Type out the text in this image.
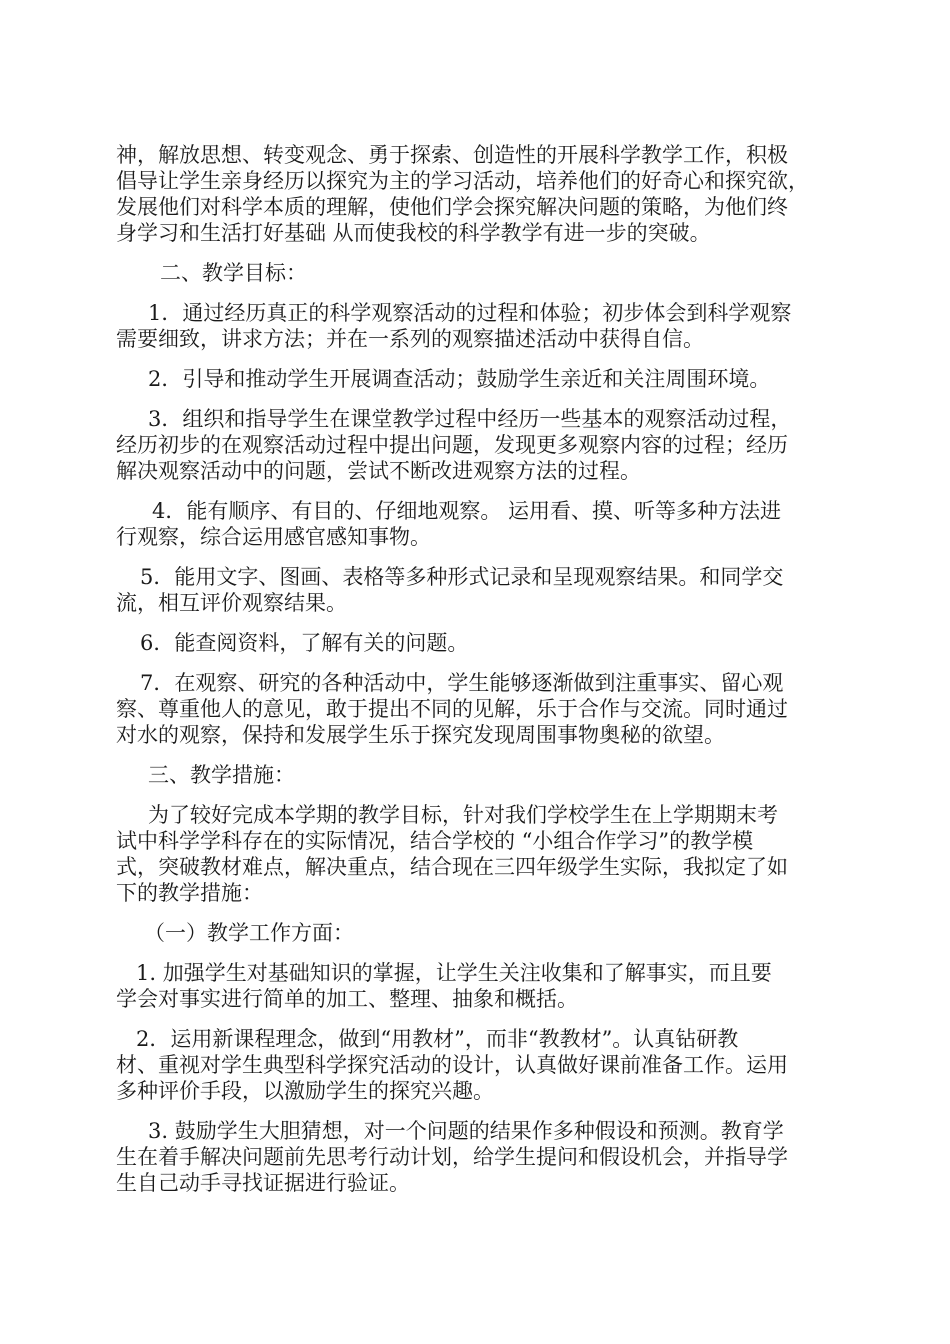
神，解放思想、转变观念、勇于探索、创造性的开展科学教学工作，积极
倡导让学生亲身经历以探究为主的学习活动，培养他们的好奇心和探究欲，
发展他们对科学本质的理解，使他们学会探究解决问题的策略，为他们终
身学习和生活打好基础 从而使我校的科学教学有进一步的突破。
二、教学目标：
1．通过经历真正的科学观察活动的过程和体验；初步体会到科学观察
需要细致，讲求方法；并在一系列的观察描述活动中获得自信。
2．引导和推动学生开展调查活动；鼓励学生亲近和关注周围环境。
3．组织和指导学生在课堂教学过程中经历一些基本的观察活动过程，
经历初步的在观察活动过程中提出问题，发现更多观察内容的过程；经历
解决观察活动中的问题，尝试不断改进观察方法的过程。
4．能有顺序、有目的、仔细地观察。 运用看、摸、听等多种方法进
行观察，综合运用感官感知事物。
5．能用文字、图画、表格等多种形式记录和呈现观察结果。和同学交
流，相互评价观察结果。
6．能查阅资料，了解有关的问题。
7．在观察、研究的各种活动中，学生能够逐渐做到注重事实、留心观
察、尊重他人的意见，敢于提出不同的见解，乐于合作与交流。同时通过
对水的观察，保持和发展学生乐于探究发现周围事物奥秘的欲望。
三、教学措施：
为了较好完成本学期的教学目标，针对我们学校学生在上学期期末考
试中科学学科存在的实际情况，结合学校的 “小组合作学习”的教学模
式，突破教材难点，解决重点，结合现在三四年级学生实际，我拟定了如
下的教学措施：
（一）教学工作方面：
1. 加强学生对基础知识的掌握，让学生关注收集和了解事实，而且要
学会对事实进行简单的加工、整理、抽象和概括。
2．运用新课程理念，做到“用教材”，而非“教教材”。认真钻研教
材、重视对学生典型科学探究活动的设计，认真做好课前准备工作。运用
多种评价手段，以激励学生的探究兴趣。
3. 鼓励学生大胆猜想，对一个问题的结果作多种假设和预测。教育学
生在着手解决问题前先思考行动计划，给学生提问和假设机会，并指导学
生自己动手寻找证据进行验证。
